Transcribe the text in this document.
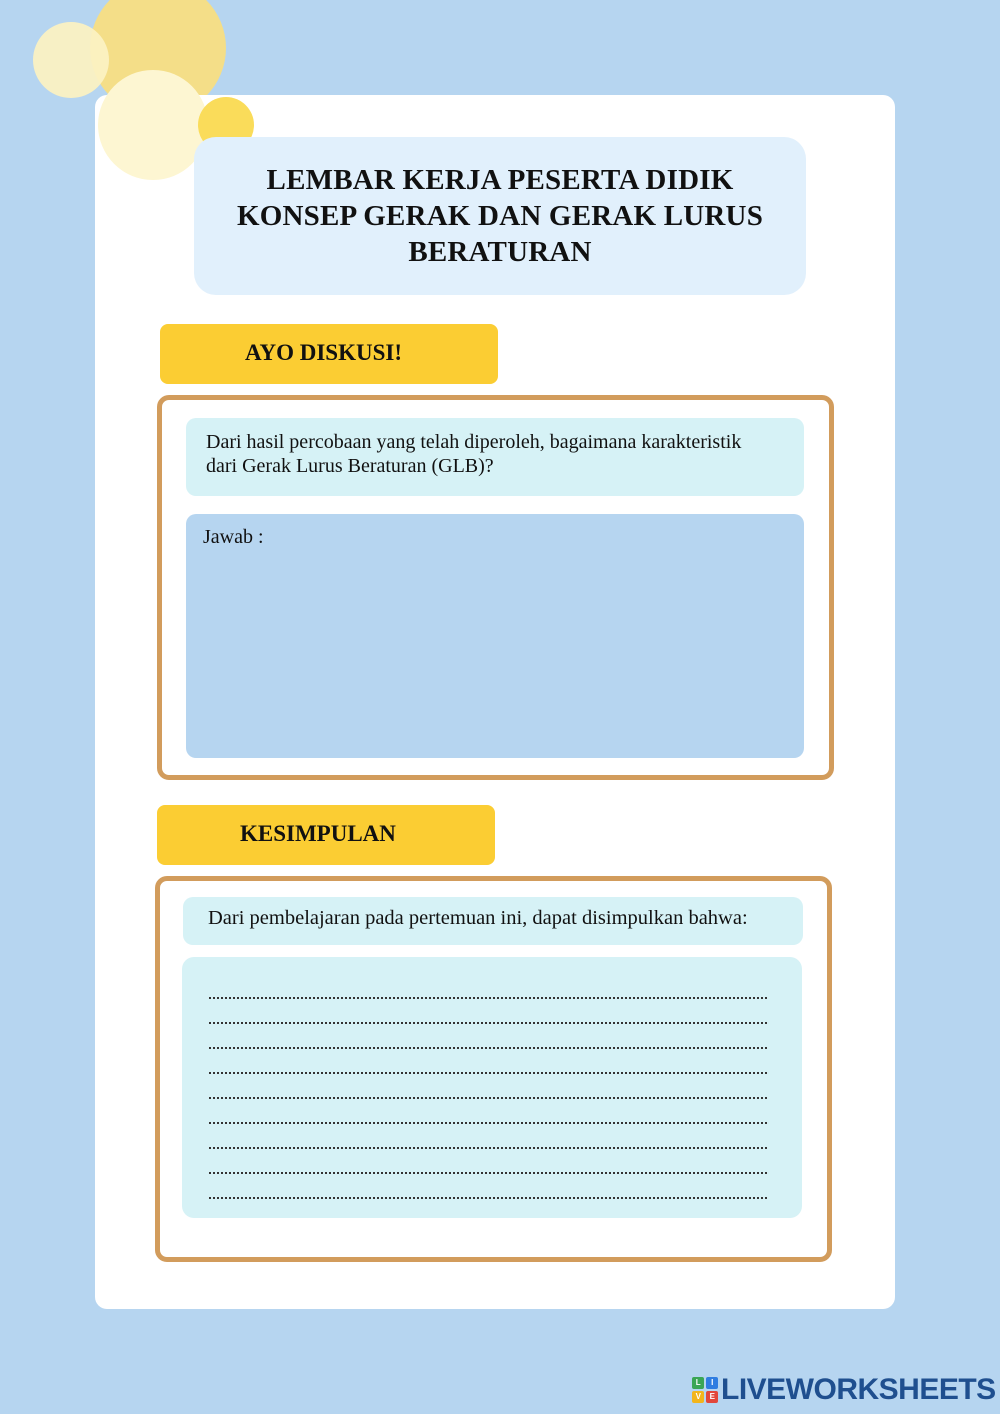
LEMBAR KERJA PESERTA DIDIK
KONSEP GERAK DAN GERAK LURUS
BERATURAN
AYO DISKUSI!
Dari hasil percobaan yang telah diperoleh, bagaimana karakteristik
dari Gerak Lurus Beraturan (GLB)?
Jawab :
KESIMPULAN
Dari pembelajaran pada pertemuan ini, dapat disimpulkan bahwa:
L	I
V	E LIVEWORKSHEETS
